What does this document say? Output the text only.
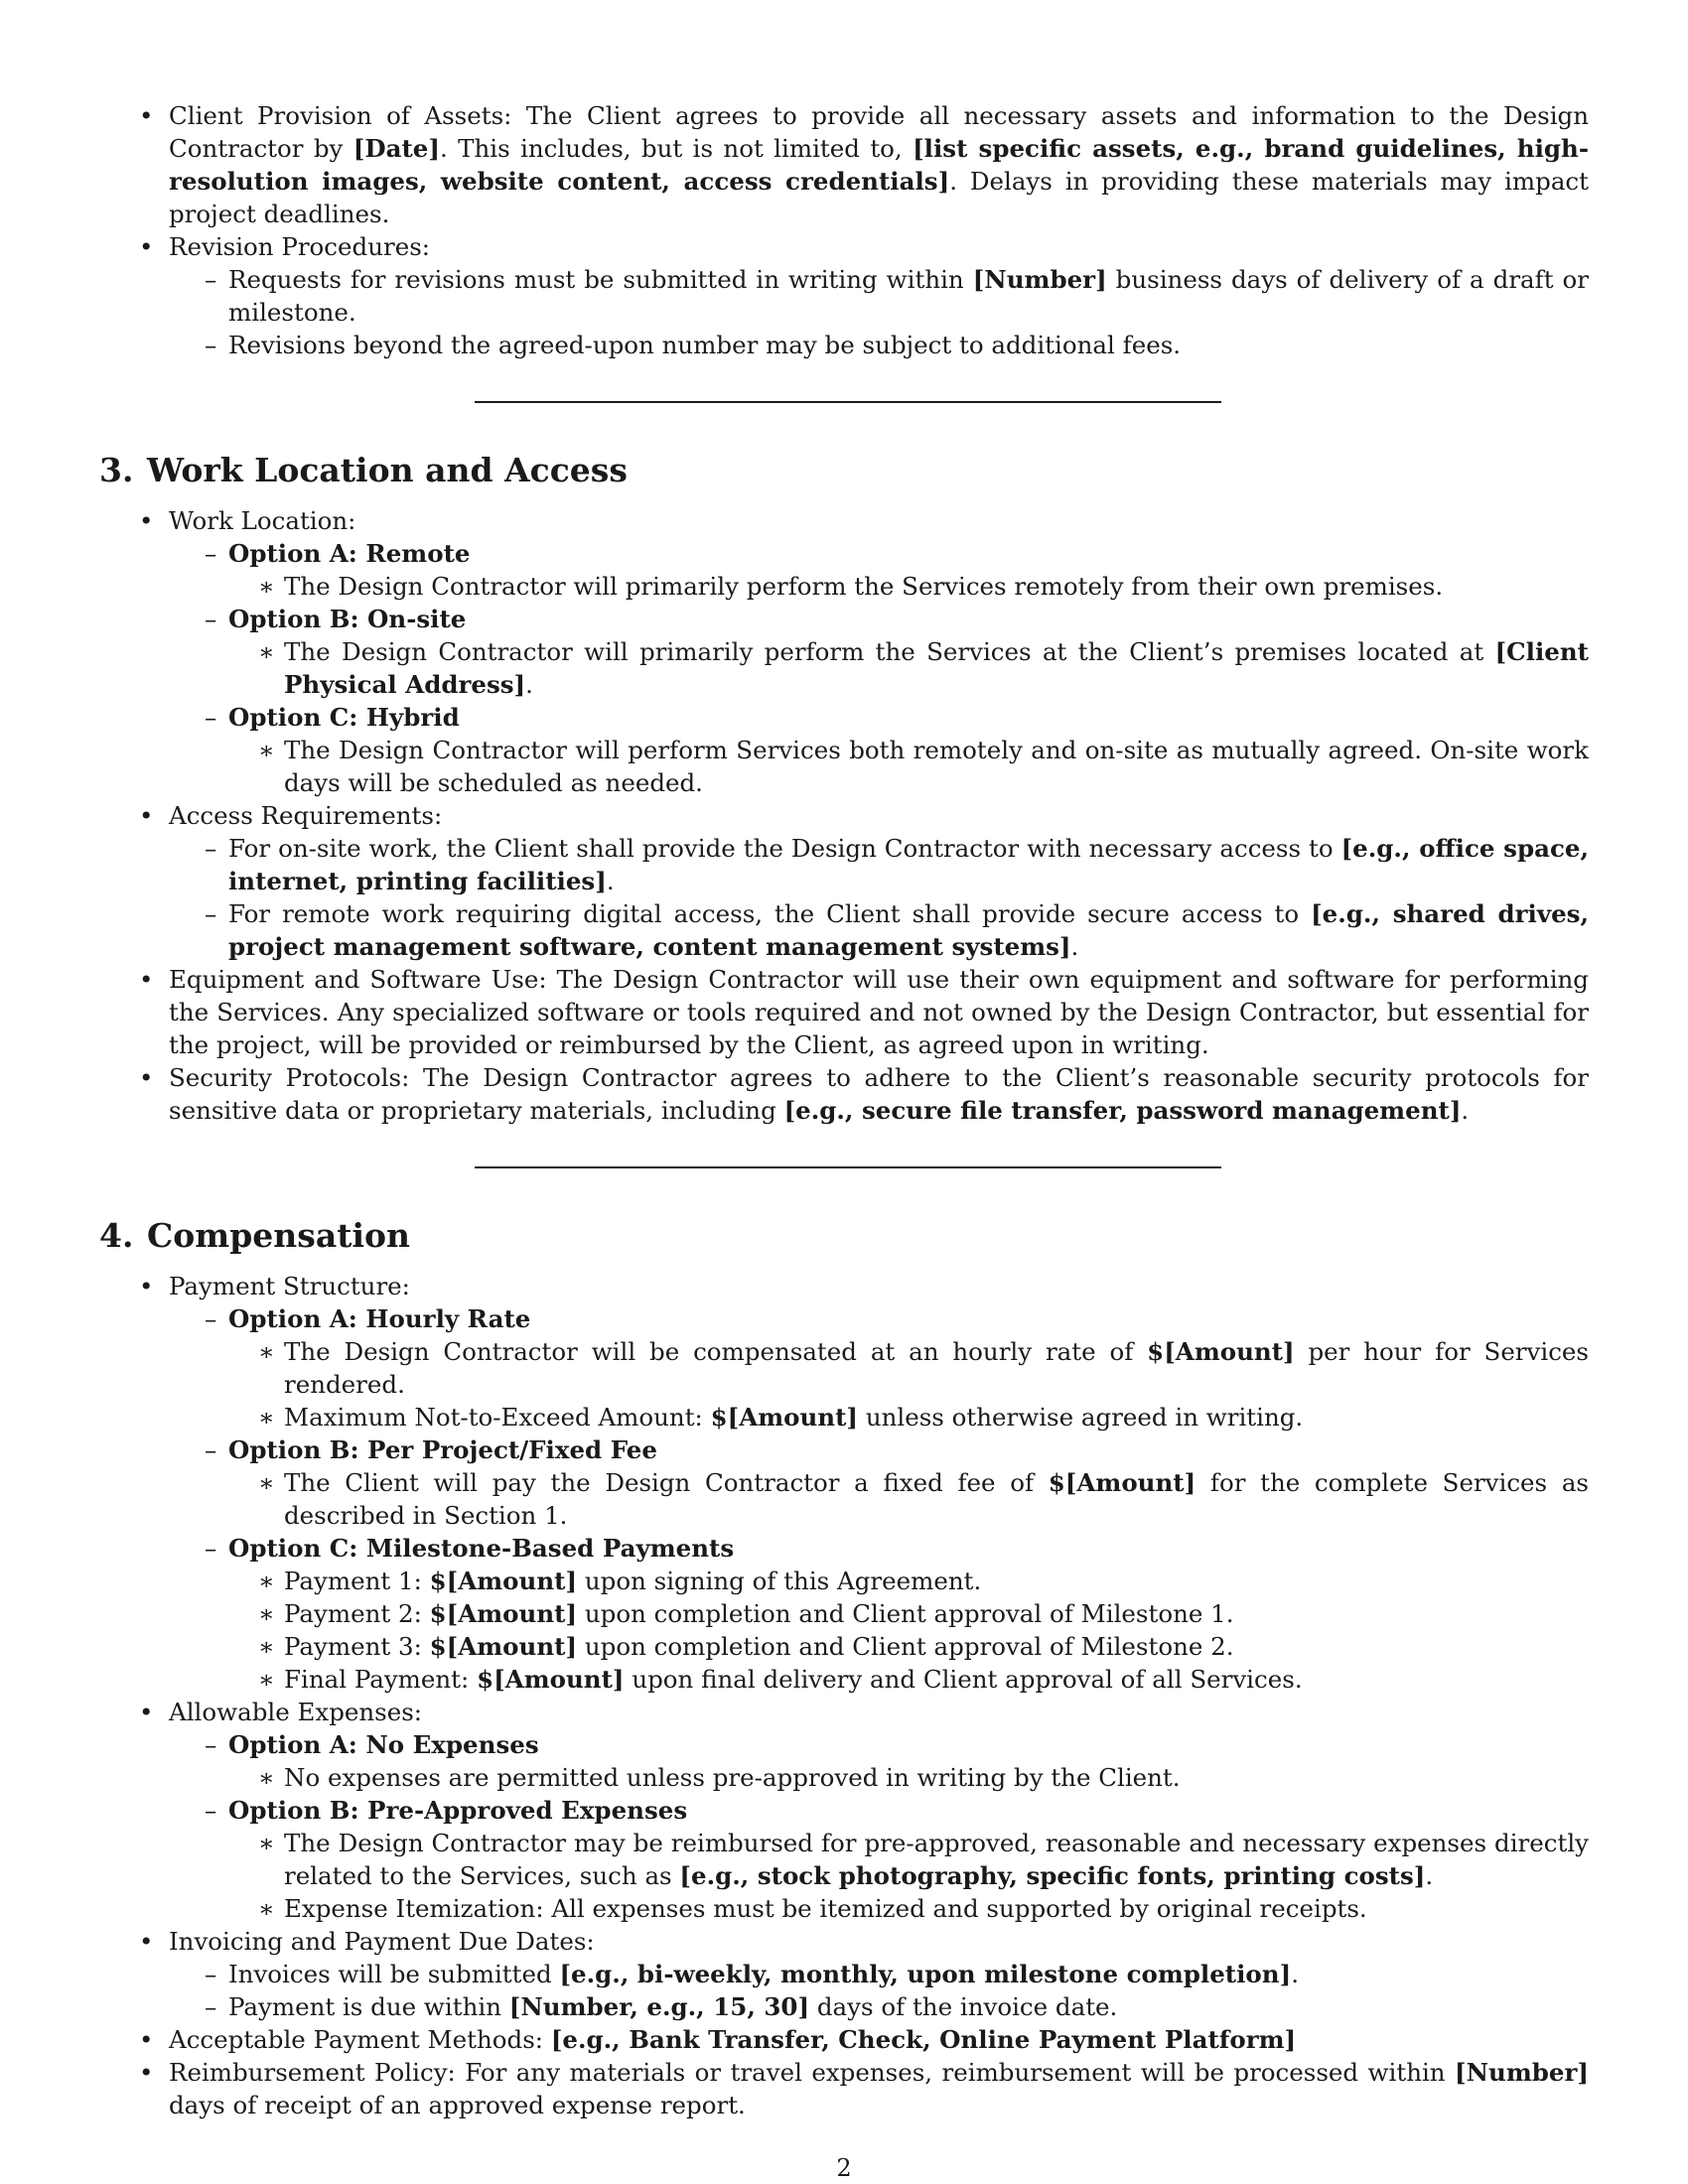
• Client Provision of Assets: The Client agrees to provide all necessary assets and information to the Design Contractor by [Date]. This includes, but is not limited to, [list specific assets, e.g., brand guidelines, high-resolution images, website content, access credentials]. Delays in providing these materials may impact project deadlines.
• Revision Procedures:
– Requests for revisions must be submitted in writing within [Number] business days of delivery of a draft or milestone.
– Revisions beyond the agreed-upon number may be subject to additional fees.
3. Work Location and Access
• Work Location:
– Option A: Remote
∗ The Design Contractor will primarily perform the Services remotely from their own premises.
– Option B: On-site
∗ The Design Contractor will primarily perform the Services at the Client’s premises located at [Client Physical Address].
– Option C: Hybrid
∗ The Design Contractor will perform Services both remotely and on-site as mutually agreed. On-site work days will be scheduled as needed.
• Access Requirements:
– For on-site work, the Client shall provide the Design Contractor with necessary access to [e.g., office space, internet, printing facilities].
– For remote work requiring digital access, the Client shall provide secure access to [e.g., shared drives, project management software, content management systems].
• Equipment and Software Use: The Design Contractor will use their own equipment and software for performing the Services. Any specialized software or tools required and not owned by the Design Contractor, but essential for the project, will be provided or reimbursed by the Client, as agreed upon in writing.
• Security Protocols: The Design Contractor agrees to adhere to the Client’s reasonable security protocols for sensitive data or proprietary materials, including [e.g., secure file transfer, password management].
4. Compensation
• Payment Structure:
– Option A: Hourly Rate
∗ The Design Contractor will be compensated at an hourly rate of $[Amount] per hour for Services rendered.
∗ Maximum Not-to-Exceed Amount: $[Amount] unless otherwise agreed in writing.
– Option B: Per Project/Fixed Fee
∗ The Client will pay the Design Contractor a fixed fee of $[Amount] for the complete Services as described in Section 1.
– Option C: Milestone-Based Payments
∗ Payment 1: $[Amount] upon signing of this Agreement.
∗ Payment 2: $[Amount] upon completion and Client approval of Milestone 1.
∗ Payment 3: $[Amount] upon completion and Client approval of Milestone 2.
∗ Final Payment: $[Amount] upon final delivery and Client approval of all Services.
• Allowable Expenses:
– Option A: No Expenses
∗ No expenses are permitted unless pre-approved in writing by the Client.
– Option B: Pre-Approved Expenses
∗ The Design Contractor may be reimbursed for pre-approved, reasonable and necessary expenses directly related to the Services, such as [e.g., stock photography, specific fonts, printing costs].
∗ Expense Itemization: All expenses must be itemized and supported by original receipts.
• Invoicing and Payment Due Dates:
– Invoices will be submitted [e.g., bi-weekly, monthly, upon milestone completion].
– Payment is due within [Number, e.g., 15, 30] days of the invoice date.
• Acceptable Payment Methods: [e.g., Bank Transfer, Check, Online Payment Platform]
• Reimbursement Policy: For any materials or travel expenses, reimbursement will be processed within [Number] days of receipt of an approved expense report.
2
